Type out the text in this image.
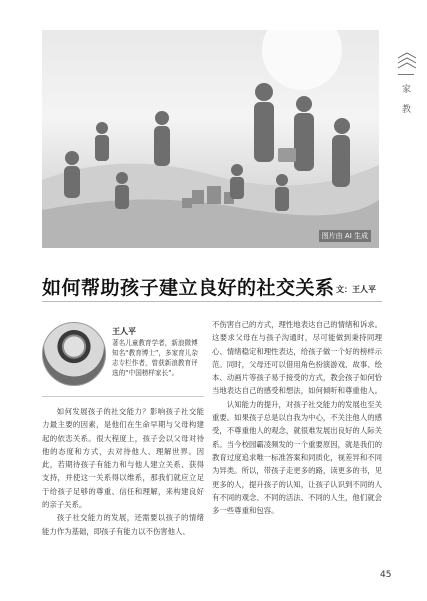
图片由 AI 生成
家 教
如何帮助孩子建立良好的社交关系 文：王人平
王人平
著名儿童教育学者，新浪微博知名“教育博士”，多家育儿杂志专栏作者，曾获新浪教育评选的“中国榜样家长”。

如何发展孩子的社交能力？影响孩子社交能力最主要的因素，是他们在生命早期与父母构建起的依恋关系。很大程度上，孩子会以父母对待他的态度和方式，去对待他人、理解世界。因此，若期待孩子有能力和与他人建立关系、获得支持，并使这一关系得以维系，那我们就应立足于给孩子足够的尊重、信任和理解，来构建良好的亲子关系。

孩子社交能力的发展，还需要以孩子的情绪能力作为基础，即孩子有能力以不伤害他人、

不伤害自己的方式，理性地表达自己的情绪和诉求。这要求父母在与孩子沟通时，尽可能做到秉持同理心、情绪稳定和理性表达，给孩子做一个好的榜样示范。同时，父母还可以借用角色扮演游戏、故事、绘本、动画片等孩子易于接受的方式，教会孩子如何恰当地表达自己的感受和想法，如何倾听和尊重他人。

认知能力的提升，对孩子社交能力的发展也至关重要。如果孩子总是以自我为中心，不关注他人的感受，不尊重他人的观念，就很难发展出良好的人际关系。当今校园霸凌频发的一个重要原因，就是我们的教育过度追求唯一标准答案和同质化，视差异和不同为异类。所以，带孩子走更多的路，读更多的书，见更多的人，提升孩子的认知，让孩子认识到不同的人有不同的观念、不同的活法、不同的人生，他们就会多一些尊重和包容。

45
